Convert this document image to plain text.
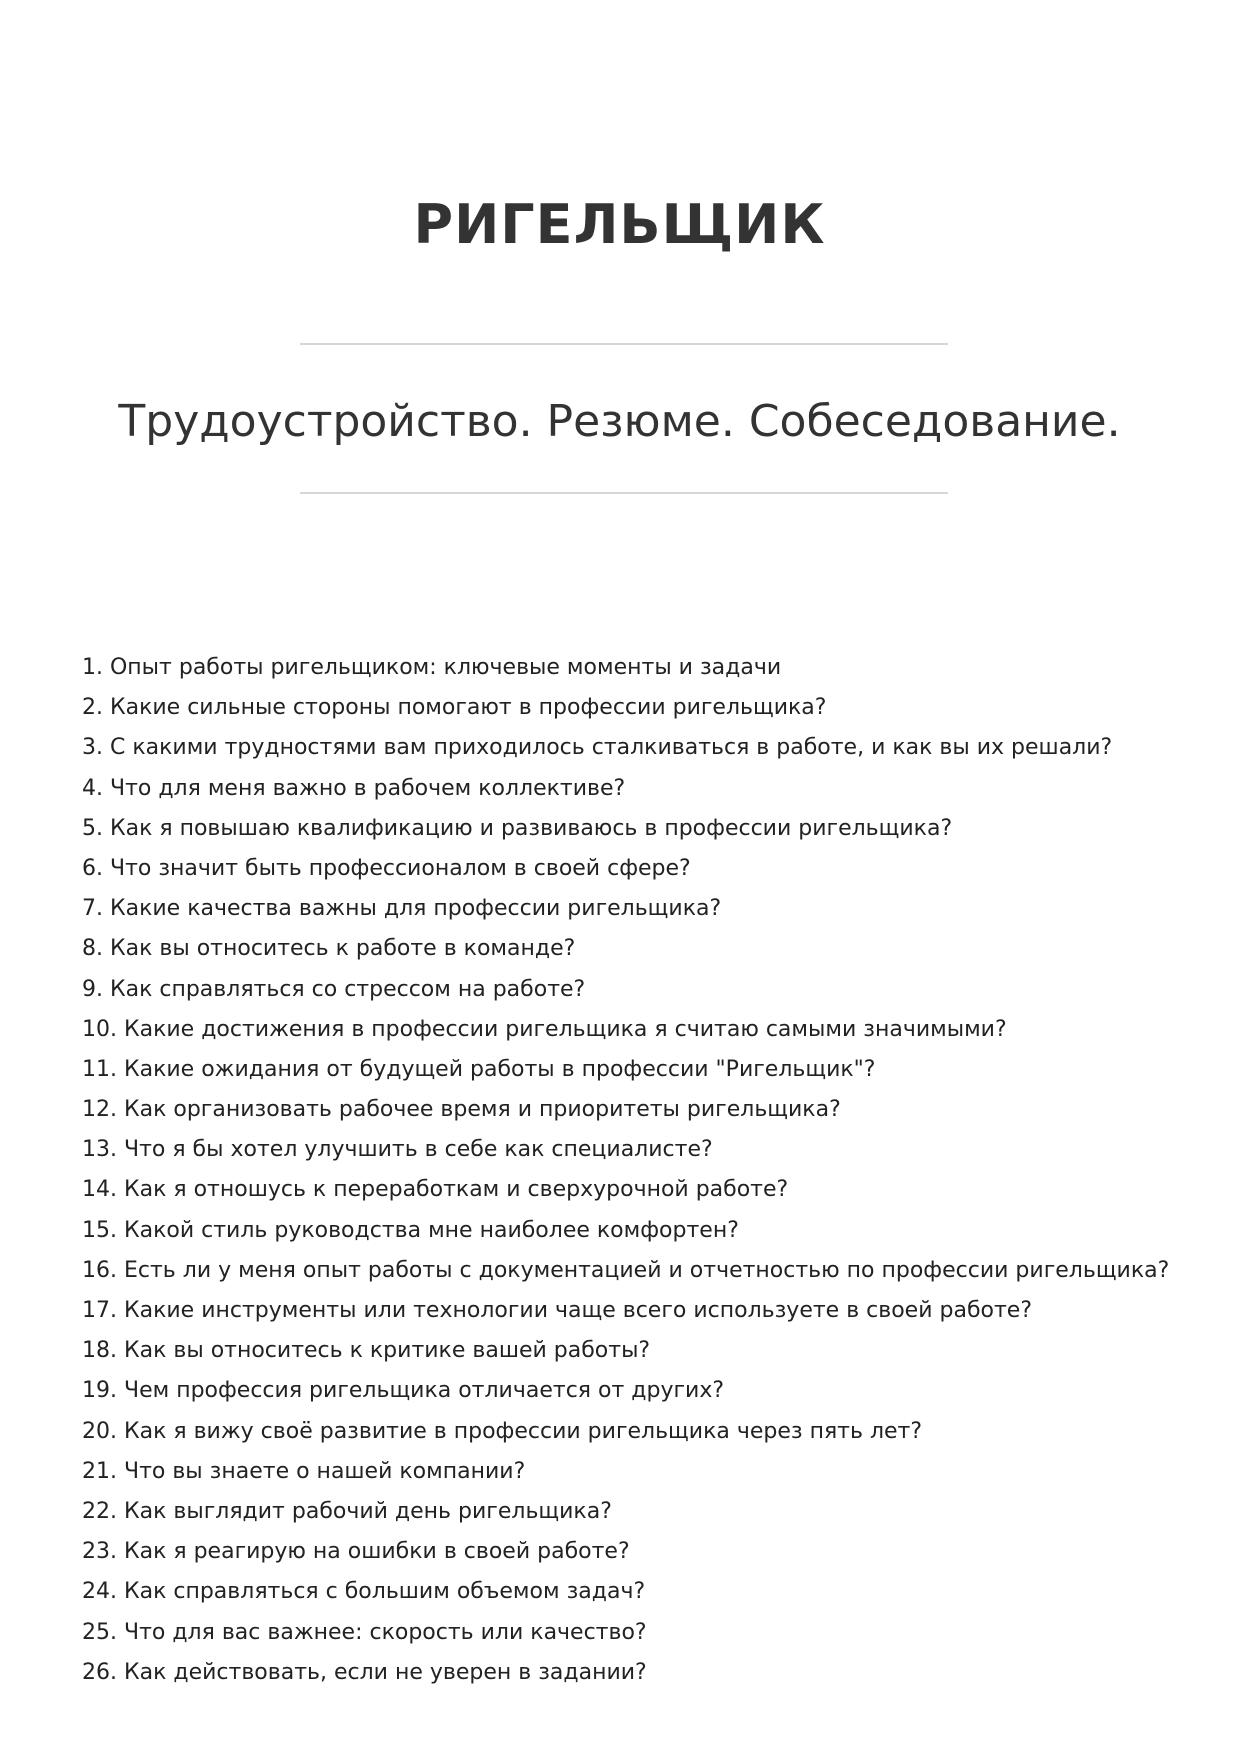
РИГЕЛЬЩИК
Трудоустройство. Резюме. Собеседование.
1. Опыт работы ригельщиком: ключевые моменты и задачи
2. Какие сильные стороны помогают в профессии ригельщика?
3. С какими трудностями вам приходилось сталкиваться в работе, и как вы их решали?
4. Что для меня важно в рабочем коллективе?
5. Как я повышаю квалификацию и развиваюсь в профессии ригельщика?
6. Что значит быть профессионалом в своей сфере?
7. Какие качества важны для профессии ригельщика?
8. Как вы относитесь к работе в команде?
9. Как справляться со стрессом на работе?
10. Какие достижения в профессии ригельщика я считаю самыми значимыми?
11. Какие ожидания от будущей работы в профессии "Ригельщик"?
12. Как организовать рабочее время и приоритеты ригельщика?
13. Что я бы хотел улучшить в себе как специалисте?
14. Как я отношусь к переработкам и сверхурочной работе?
15. Какой стиль руководства мне наиболее комфортен?
16. Есть ли у меня опыт работы с документацией и отчетностью по профессии ригельщика?
17. Какие инструменты или технологии чаще всего используете в своей работе?
18. Как вы относитесь к критике вашей работы?
19. Чем профессия ригельщика отличается от других?
20. Как я вижу своё развитие в профессии ригельщика через пять лет?
21. Что вы знаете о нашей компании?
22. Как выглядит рабочий день ригельщика?
23. Как я реагирую на ошибки в своей работе?
24. Как справляться с большим объемом задач?
25. Что для вас важнее: скорость или качество?
26. Как действовать, если не уверен в задании?
